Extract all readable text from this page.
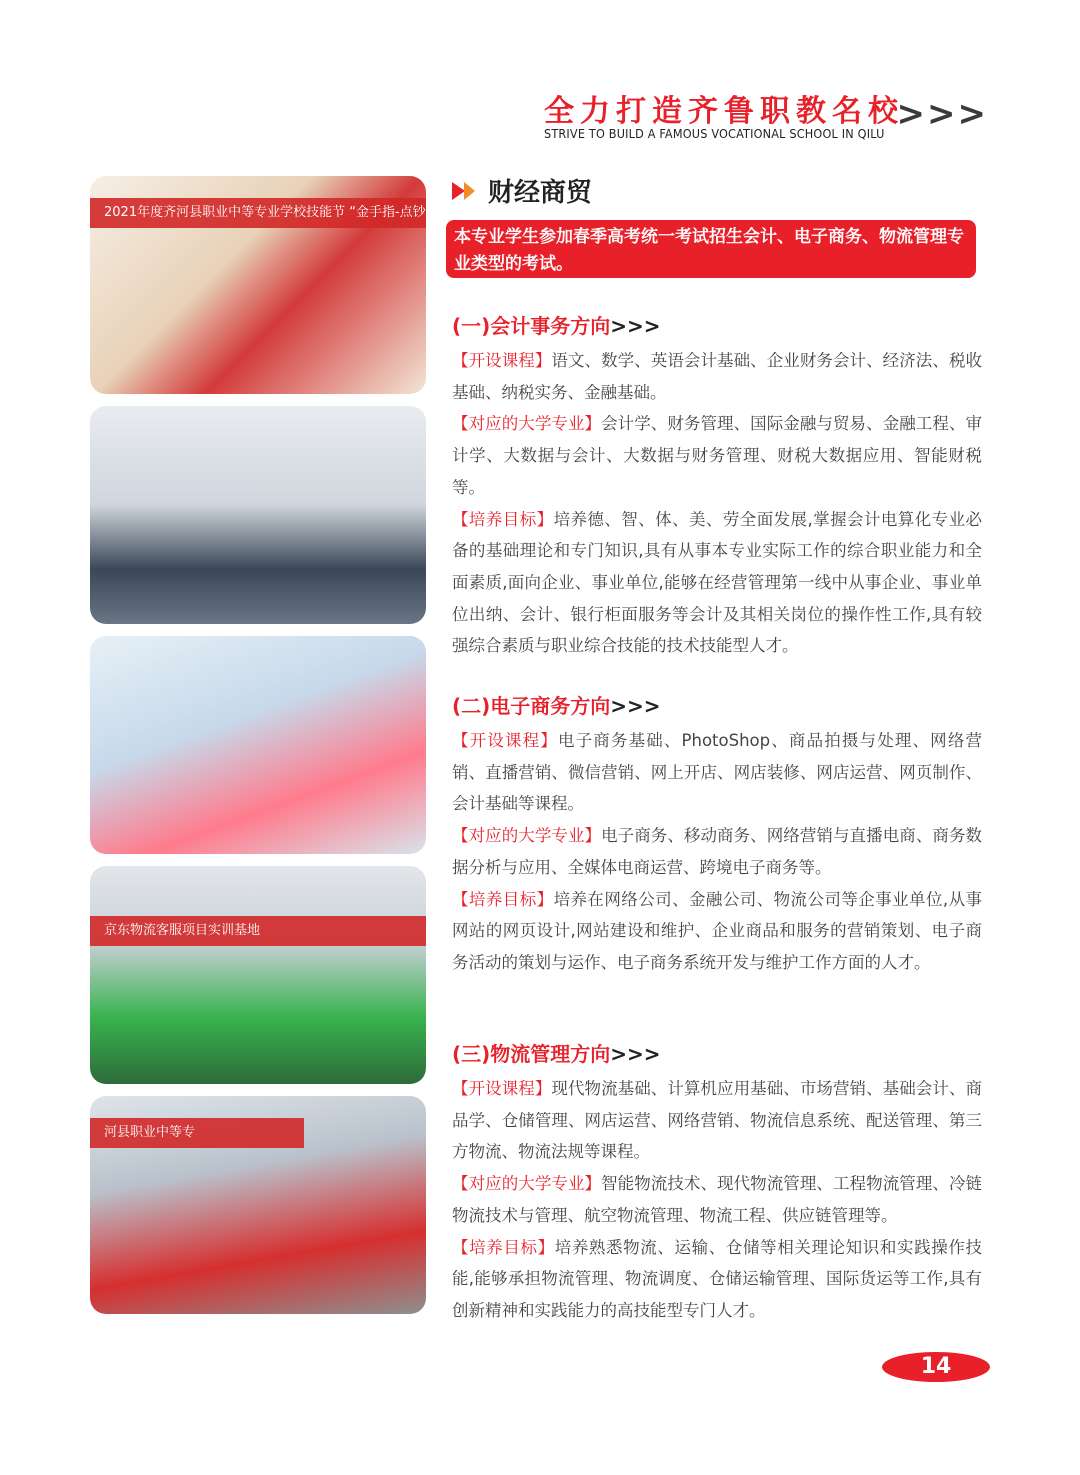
全力打造齐鲁职教名校
STRIVE TO BUILD A FAMOUS VOCATIONAL SCHOOL IN QILU >>>
2021年度齐河县职业中等专业学校技能节 “金手指-点钞” 项目竞赛
京东物流客服项目实训基地
河县职业中等专
财经商贸
本专业学生参加春季高考统一考试招生会计、电子商务、物流管理专业类型的考试。
(一)会计事务方向>>>

【开设课程】语文、数学、英语会计基础、企业财务会计、经济法、税收基础、纳税实务、金融基础。

【对应的大学专业】会计学、财务管理、国际金融与贸易、金融工程、审计学、大数据与会计、大数据与财务管理、财税大数据应用、智能财税等。

【培养目标】培养德、智、体、美、劳全面发展,掌握会计电算化专业必备的基础理论和专门知识,具有从事本专业实际工作的综合职业能力和全面素质,面向企业、事业单位,能够在经营管理第一线中从事企业、事业单位出纳、会计、银行柜面服务等会计及其相关岗位的操作性工作,具有较强综合素质与职业综合技能的技术技能型人才。

(二)电子商务方向>>>

【开设课程】电子商务基础、PhotoShop、商品拍摄与处理、网络营销、直播营销、微信营销、网上开店、网店装修、网店运营、网页制作、会计基础等课程。

【对应的大学专业】电子商务、移动商务、网络营销与直播电商、商务数据分析与应用、全媒体电商运营、跨境电子商务等。

【培养目标】培养在网络公司、金融公司、物流公司等企事业单位,从事网站的网页设计,网站建设和维护、企业商品和服务的营销策划、电子商务活动的策划与运作、电子商务系统开发与维护工作方面的人才。

(三)物流管理方向>>>

【开设课程】现代物流基础、计算机应用基础、市场营销、基础会计、商品学、仓储管理、网店运营、网络营销、物流信息系统、配送管理、第三方物流、物流法规等课程。

【对应的大学专业】智能物流技术、现代物流管理、工程物流管理、冷链物流技术与管理、航空物流管理、物流工程、供应链管理等。

【培养目标】培养熟悉物流、运输、仓储等相关理论知识和实践操作技能,能够承担物流管理、物流调度、仓储运输管理、国际货运等工作,具有创新精神和实践能力的高技能型专门人才。

14
